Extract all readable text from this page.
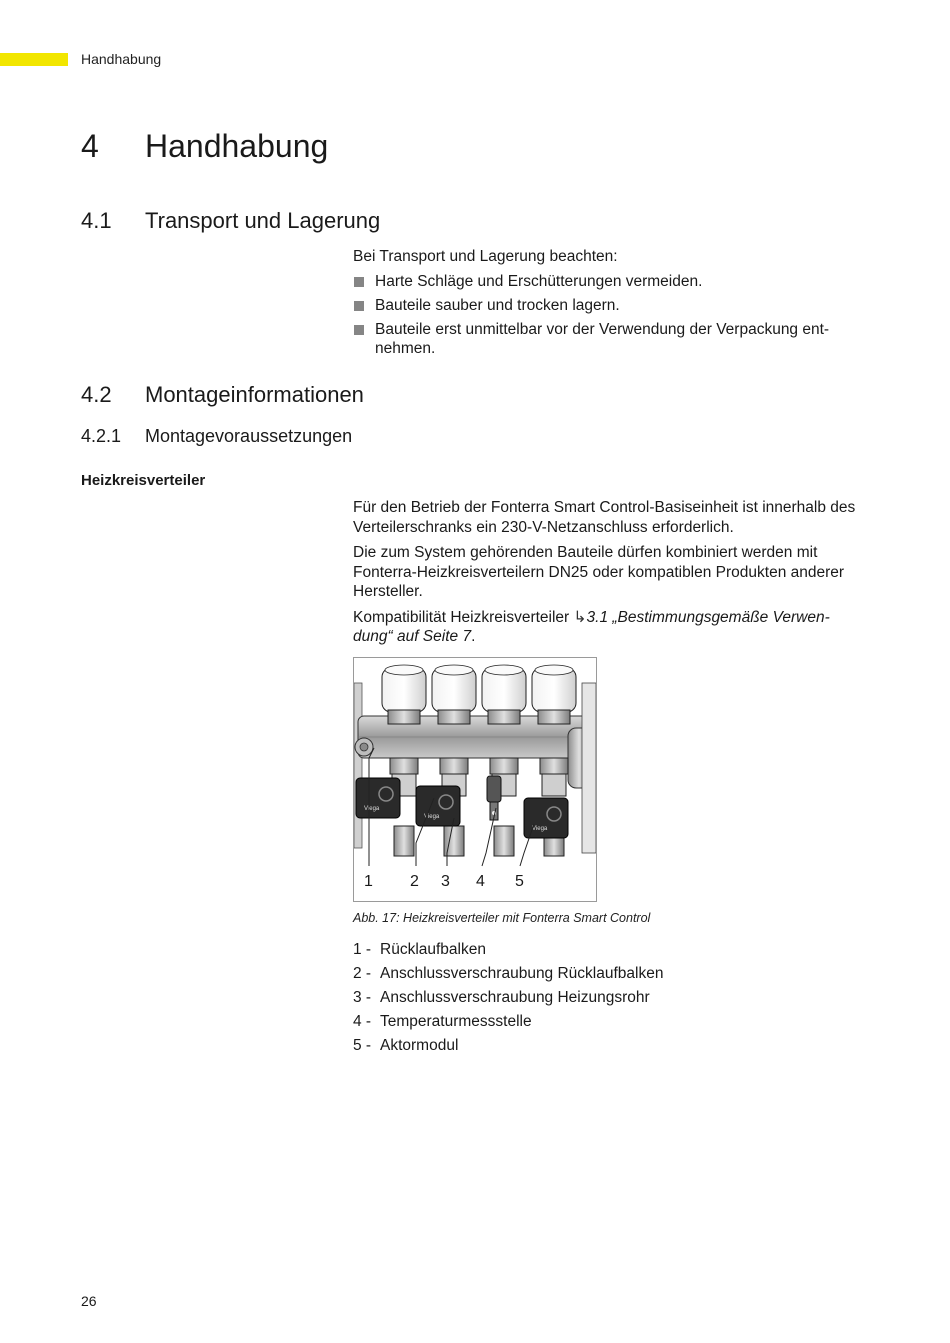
Handhabung
4 Handhabung
4.1 Transport und Lagerung

Bei Transport und Lagerung beachten:

Harte Schläge und Erschütterungen vermeiden.
Bauteile sauber und trocken lagern.
Bauteile erst unmittelbar vor der Verwendung der Verpackung ent-nehmen.
4.2 Montageinformationen
4.2.1 Montagevoraussetzungen
Heizkreisverteiler

Für den Betrieb der Fonterra Smart Control-Basiseinheit ist innerhalb des Verteilerschranks ein 230-V-Netzanschluss erforderlich.

Die zum System gehörenden Bauteile dürfen kombiniert werden mit Fonterra-Heizkreisverteilern DN25 oder kompatiblen Produkten anderer Hersteller.

Kompatibilität Heizkreisverteiler ↳3.1 „Bestimmungsgemäße Verwen-dung“ auf Seite 7.

Viega
Viega
Viega
1 2 3 4 5
Abb. 17: Heizkreisverteiler mit Fonterra Smart Control
1 - Rücklaufbalken
2 - Anschlussverschraubung Rücklaufbalken
3 - Anschlussverschraubung Heizungsrohr
4 - Temperaturmessstelle
5 - Aktormodul
26
